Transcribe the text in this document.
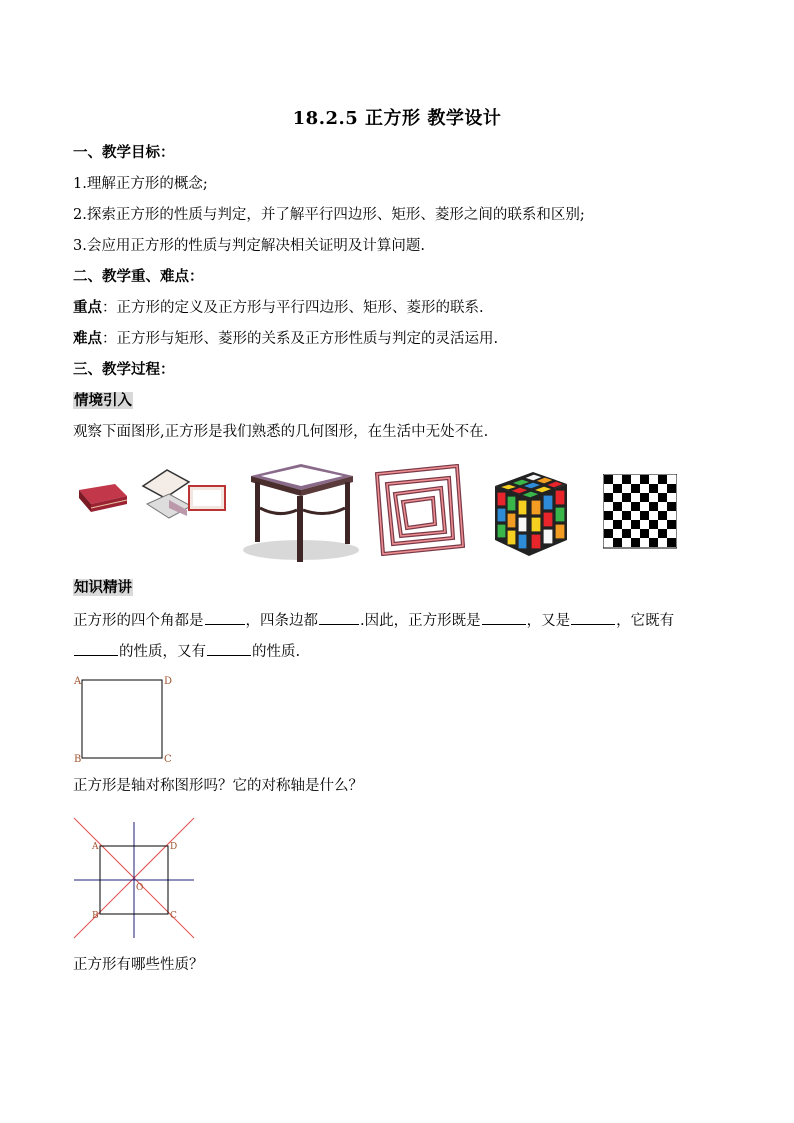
18.2.5 正方形 教学设计
一、教学目标：
1.理解正方形的概念;
2.探索正方形的性质与判定，并了解平行四边形、矩形、菱形之间的联系和区别;
3.会应用正方形的性质与判定解决相关证明及计算问题.
二、教学重、难点：
重点：正方形的定义及正方形与平行四边形、矩形、菱形的联系.
难点：正方形与矩形、菱形的关系及正方形性质与判定的灵活运用.
三、教学过程：
情境引入
观察下面图形,正方形是我们熟悉的几何图形，在生活中无处不在.
知识精讲
正方形的四个角都是	，四条边都	.因此，正方形既是	，又是	，它既有
的性质，又有	的性质.
A	D
B	C
正方形是轴对称图形吗？它的对称轴是什么？
A	D
B	C
O
正方形有哪些性质？
